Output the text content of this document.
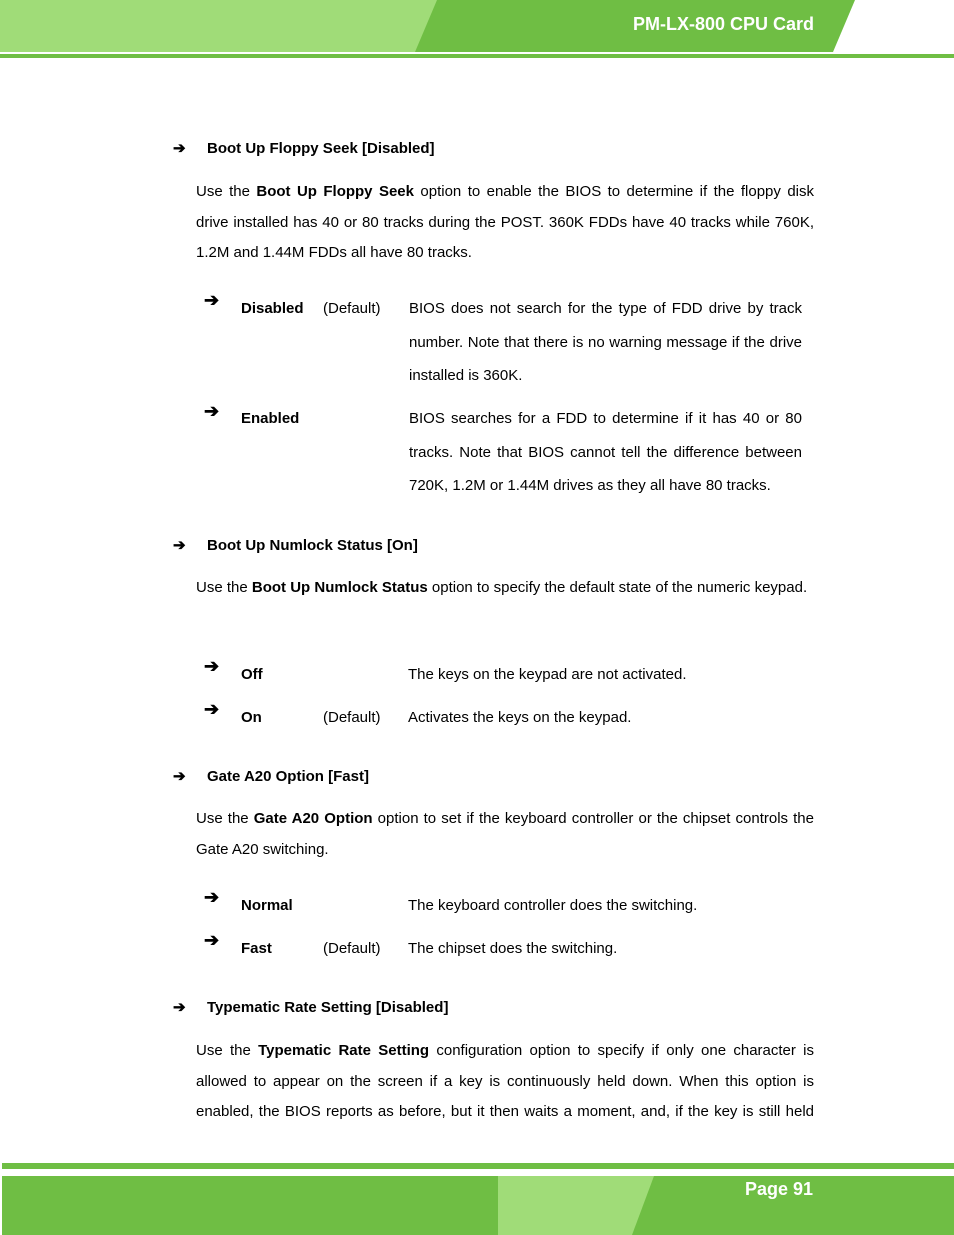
PM-LX-800 CPU Card
➔ Boot Up Floppy Seek [Disabled]
Use the Boot Up Floppy Seek option to enable the BIOS to determine if the floppy disk drive installed has 40 or 80 tracks during the POST. 360K FDDs have 40 tracks while 760K, 1.2M and 1.44M FDDs all have 80 tracks.
➔ Disabled (Default) BIOS does not search for the type of FDD drive by track number. Note that there is no warning message if the drive installed is 360K.
➔ Enabled	BIOS searches for a FDD to determine if it has 40 or 80 tracks. Note that BIOS cannot tell the difference between 720K, 1.2M or 1.44M drives as they all have 80 tracks.
➔ Boot Up Numlock Status [On]
Use the Boot Up Numlock Status option to specify the default state of the numeric keypad.
➔ Off	The keys on the keypad are not activated.
➔ On	(Default) Activates the keys on the keypad.
➔ Gate A20 Option [Fast]
Use the Gate A20 Option option to set if the keyboard controller or the chipset controls the Gate A20 switching.
➔ Normal	The keyboard controller does the switching.
➔ Fast	(Default) The chipset does the switching.
➔ Typematic Rate Setting [Disabled]
Use the Typematic Rate Setting configuration option to specify if only one character is allowed to appear on the screen if a key is continuously held down. When this option is enabled, the BIOS reports as before, but it then waits a moment, and, if the key is still held
Page 91
